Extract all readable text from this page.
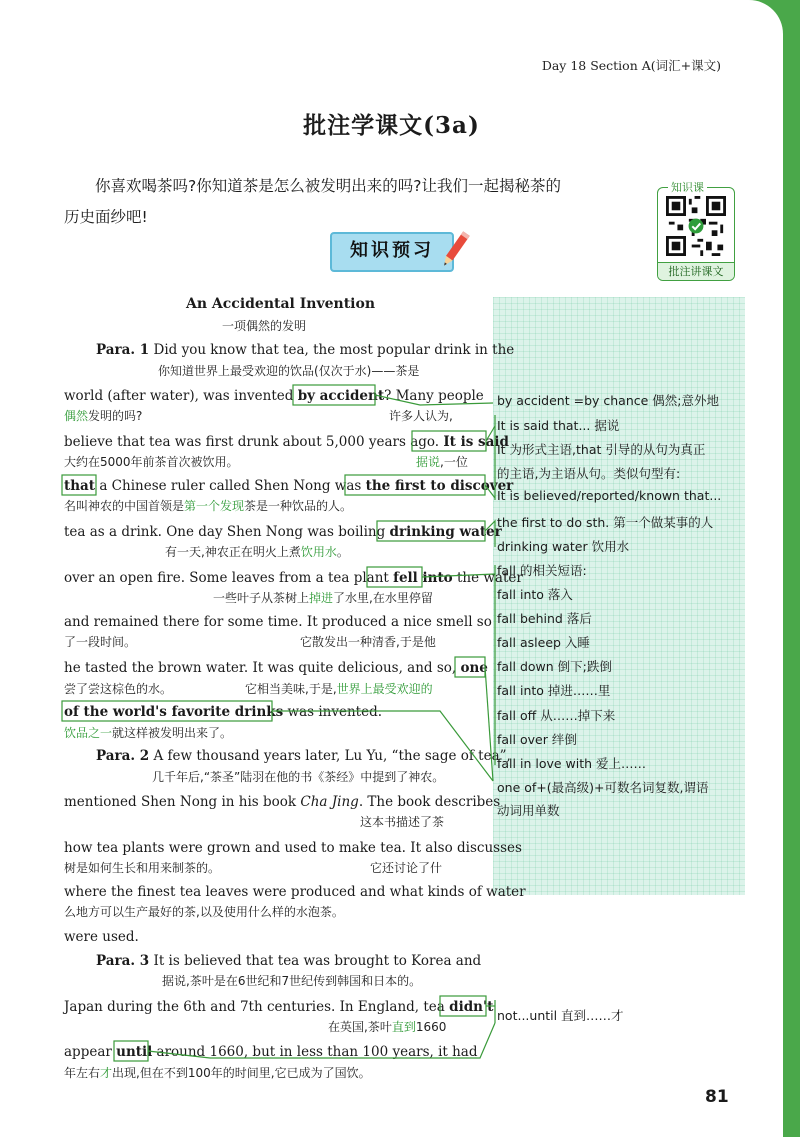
Day 18 Section A(词汇+课文)
批注学课文(3a)
你喜欢喝茶吗?你知道茶是怎么被发明出来的吗?让我们一起揭秘茶的历史面纱吧!
知识课
批注讲课文
知识预习
An Accidental Invention
一项偶然的发明
Para. 1 Did you know that tea, the most popular drink in the
你知道世界上最受欢迎的饮品(仅次于水)——茶是
world (after water), was invented by accident? Many people
偶然发明的吗?	许多人认为,
believe that tea was first drunk about 5,000 years ago. It is said
大约在5000年前茶首次被饮用。	据说,一位
that a Chinese ruler called Shen Nong was the first to discover
名叫神农的中国首领是第一个发现茶是一种饮品的人。
tea as a drink. One day Shen Nong was boiling drinking water
有一天,神农正在明火上煮饮用水。
over an open fire. Some leaves from a tea plant fell into the water
一些叶子从茶树上掉进了水里,在水里停留
and remained there for some time. It produced a nice smell so
了一段时间。	它散发出一种清香,于是他
he tasted the brown water. It was quite delicious, and so, one
尝了尝这棕色的水。	它相当美味,于是,世界上最受欢迎的
of the world's favorite drinks was invented.
饮品之一就这样被发明出来了。
Para. 2 A few thousand years later, Lu Yu, “the sage of tea”,
几千年后,“茶圣”陆羽在他的书《茶经》中提到了神农。
mentioned Shen Nong in his book Cha Jing. The book describes
这本书描述了茶
how tea plants were grown and used to make tea. It also discusses
树是如何生长和用来制茶的。	它还讨论了什
where the finest tea leaves were produced and what kinds of water
么地方可以生产最好的茶,以及使用什么样的水泡茶。
were used.
Para. 3 It is believed that tea was brought to Korea and
据说,茶叶是在6世纪和7世纪传到韩国和日本的。
Japan during the 6th and 7th centuries. In England, tea didn't
在英国,茶叶直到1660
appear until around 1660, but in less than 100 years, it had
年左右才出现,但在不到100年的时间里,它已成为了国饮。
by accident =by chance 偶然;意外地
It is said that... 据说
It 为形式主语,that 引导的从句为真正
的主语,为主语从句。类似句型有:
It is believed/reported/known that...
the first to do sth. 第一个做某事的人
drinking water 饮用水
fall 的相关短语:
fall into 落入
fall behind 落后
fall asleep 入睡
fall down 倒下;跌倒
fall into 掉进……里
fall off 从……掉下来
fall over 绊倒
fall in love with 爱上……
one of+(最高级)+可数名词复数,谓语
动词用单数
not...until 直到……才
81
